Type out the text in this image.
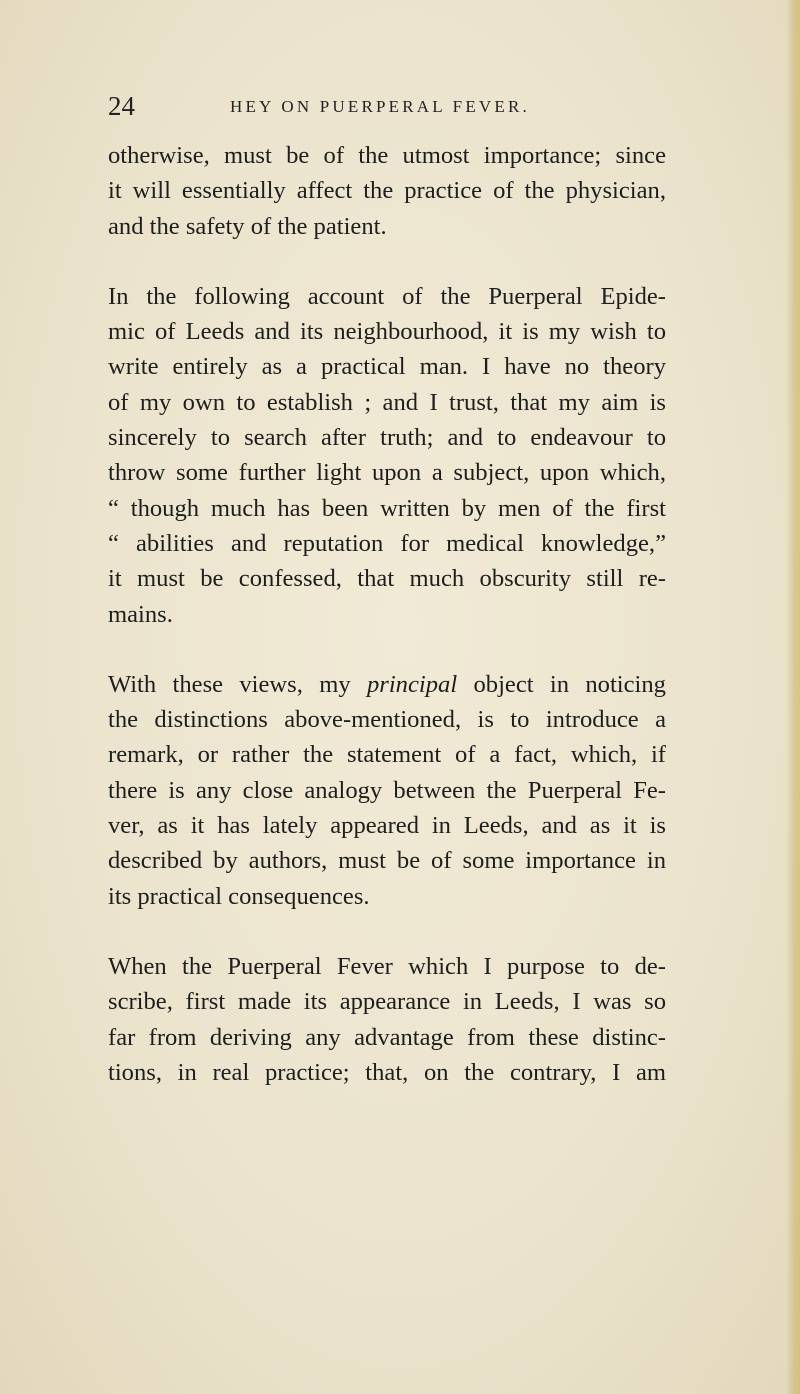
24	HEY ON PUERPERAL FEVER.
otherwise, must be of the utmost importance; since
it will essentially affect the practice of the physician,
and the safety of the patient.
In the following account of the Puerperal Epide-
mic of Leeds and its neighbourhood, it is my wish to
write entirely as a practical man. I have no theory
of my own to establish ; and I trust, that my aim is
sincerely to search after truth; and to endeavour to
throw some further light upon a subject, upon which,
“ though much has been written by men of the first
“ abilities and reputation for medical knowledge,”
it must be confessed, that much obscurity still re-
mains.
With these views, my principal object in noticing
the distinctions above-mentioned, is to introduce a
remark, or rather the statement of a fact, which, if
there is any close analogy between the Puerperal Fe-
ver, as it has lately appeared in Leeds, and as it is
described by authors, must be of some importance in
its practical consequences.
When the Puerperal Fever which I purpose to de-
scribe, first made its appearance in Leeds, I was so
far from deriving any advantage from these distinc-
tions, in real practice; that, on the contrary, I am
